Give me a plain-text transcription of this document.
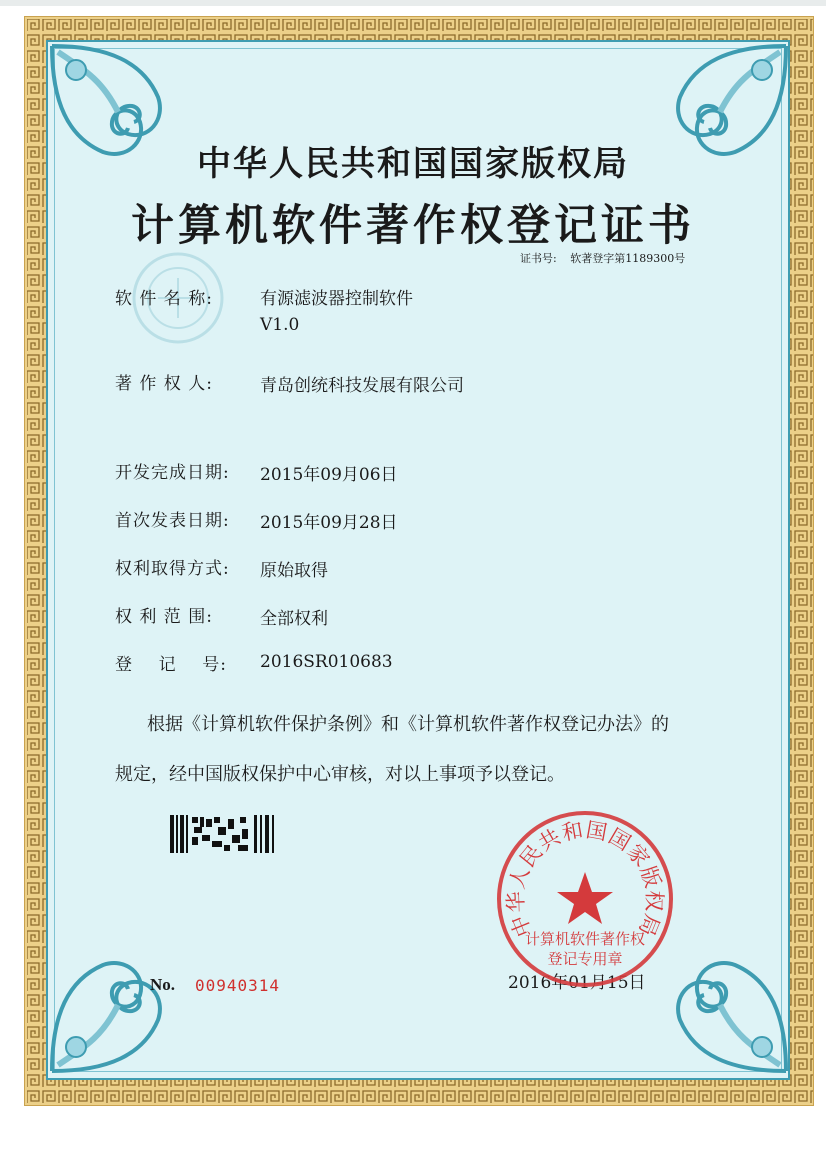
中华人民共和国国家版权局
计算机软件著作权登记证书
证书号: 软著登字第1189300号
软 件 名 称:	有源滤波器控制软件
V1.0
著 作 权 人:	青岛创统科技发展有限公司
开发完成日期: 2015年09月06日
首次发表日期: 2015年09月28日
权利取得方式: 原始取得
权 利 范 围:	全部权利
登    记    号: 2016SR010683
根据《计算机软件保护条例》和《计算机软件著作权登记办法》的
规定，经中国版权保护中心审核，对以上事项予以登记。
No. 00940314	2016年01月15日
中华人民共和国国家版权局
计算机软件著作权
登记专用章
